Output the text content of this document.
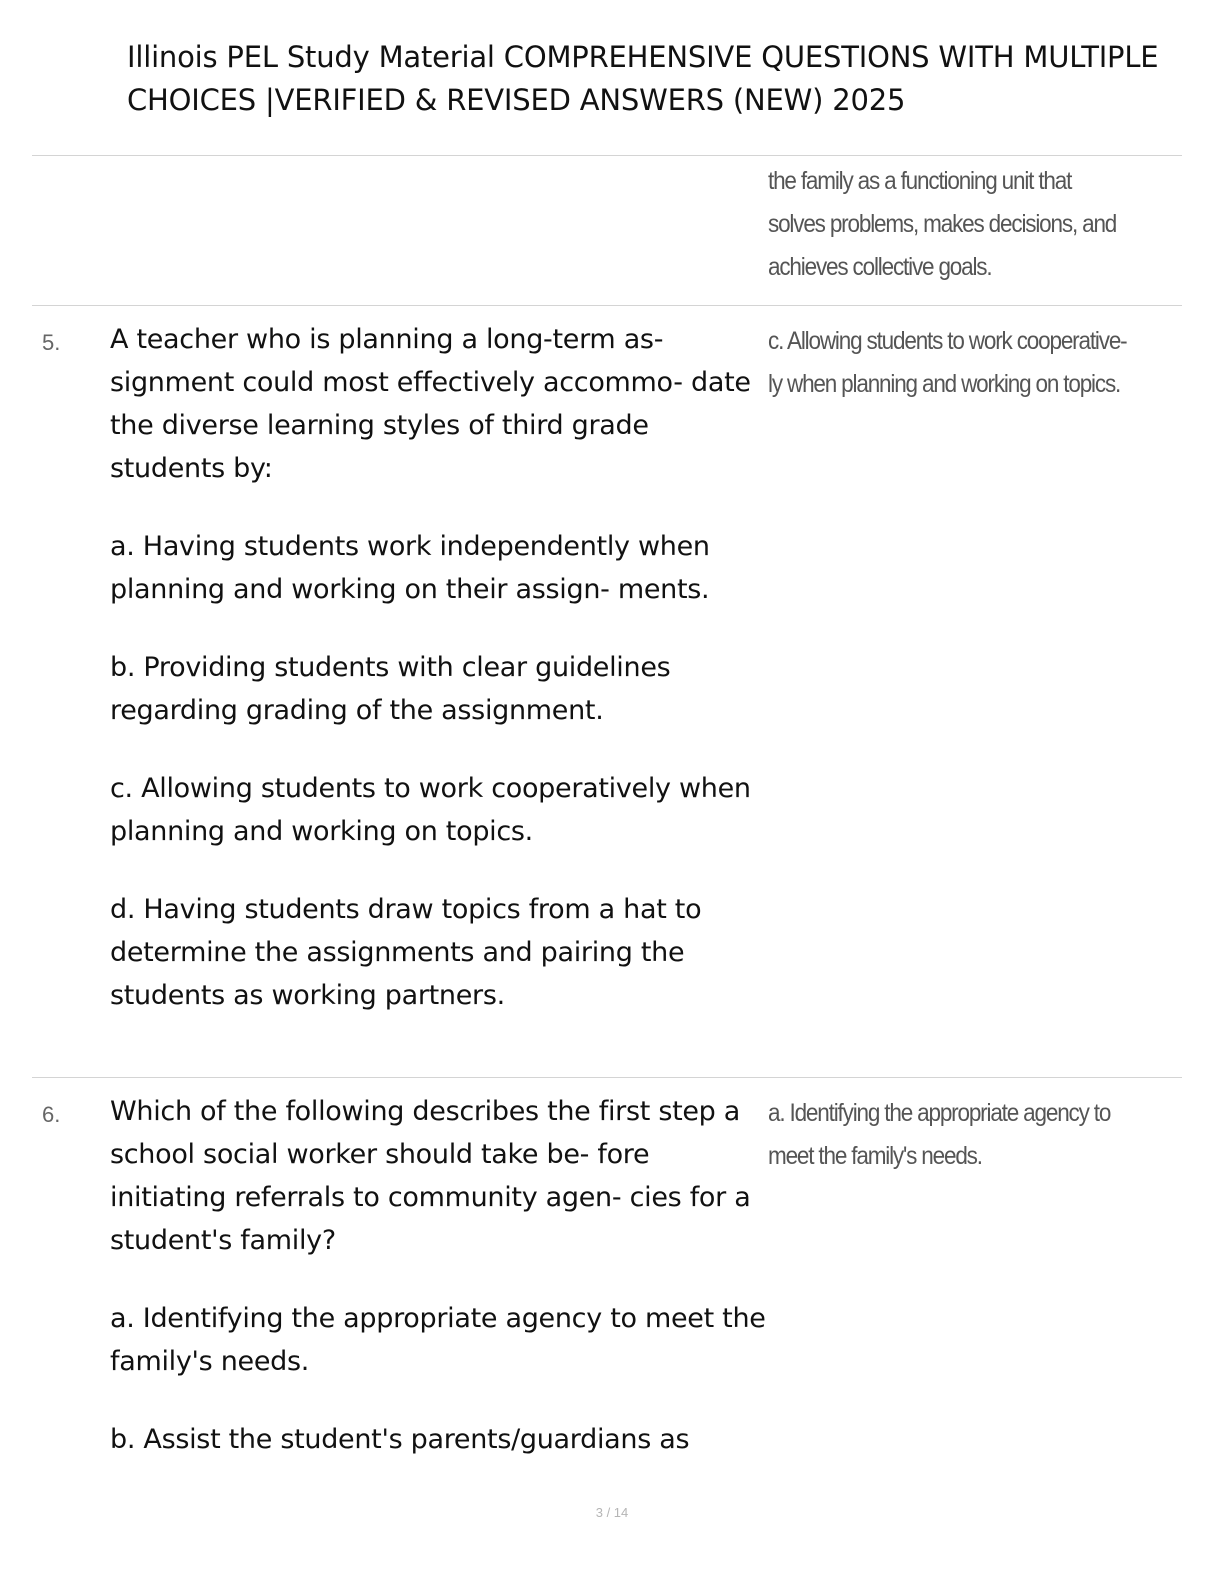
Illinois PEL Study Material COMPREHENSIVE QUESTIONS WITH MULTIPLE
CHOICES |VERIFIED & REVISED ANSWERS (NEW) 2025
the family as a functioning unit that solves problems, makes decisions, and achieves collective goals.
5. A teacher who is planning a long-term as- signment could most effectively accommo- date the diverse learning styles of third grade students by:

a. Having students work independently when planning and working on their assign- ments.

b. Providing students with clear guidelines regarding grading of the assignment.

c. Allowing students to work cooperatively when planning and working on topics.

d. Having students draw topics from a hat to determine the assignments and pairing the students as working partners.

c. Allowing students to work cooperative- ly when planning and working on topics.
6. Which of the following describes the first step a school social worker should take be- fore initiating referrals to community agen- cies for a student's family?

a. Identifying the appropriate agency to meet the family's needs.

b. Assist the student's parents/guardians as

a. Identifying the appropriate agency to meet the family's needs.
3 / 14
